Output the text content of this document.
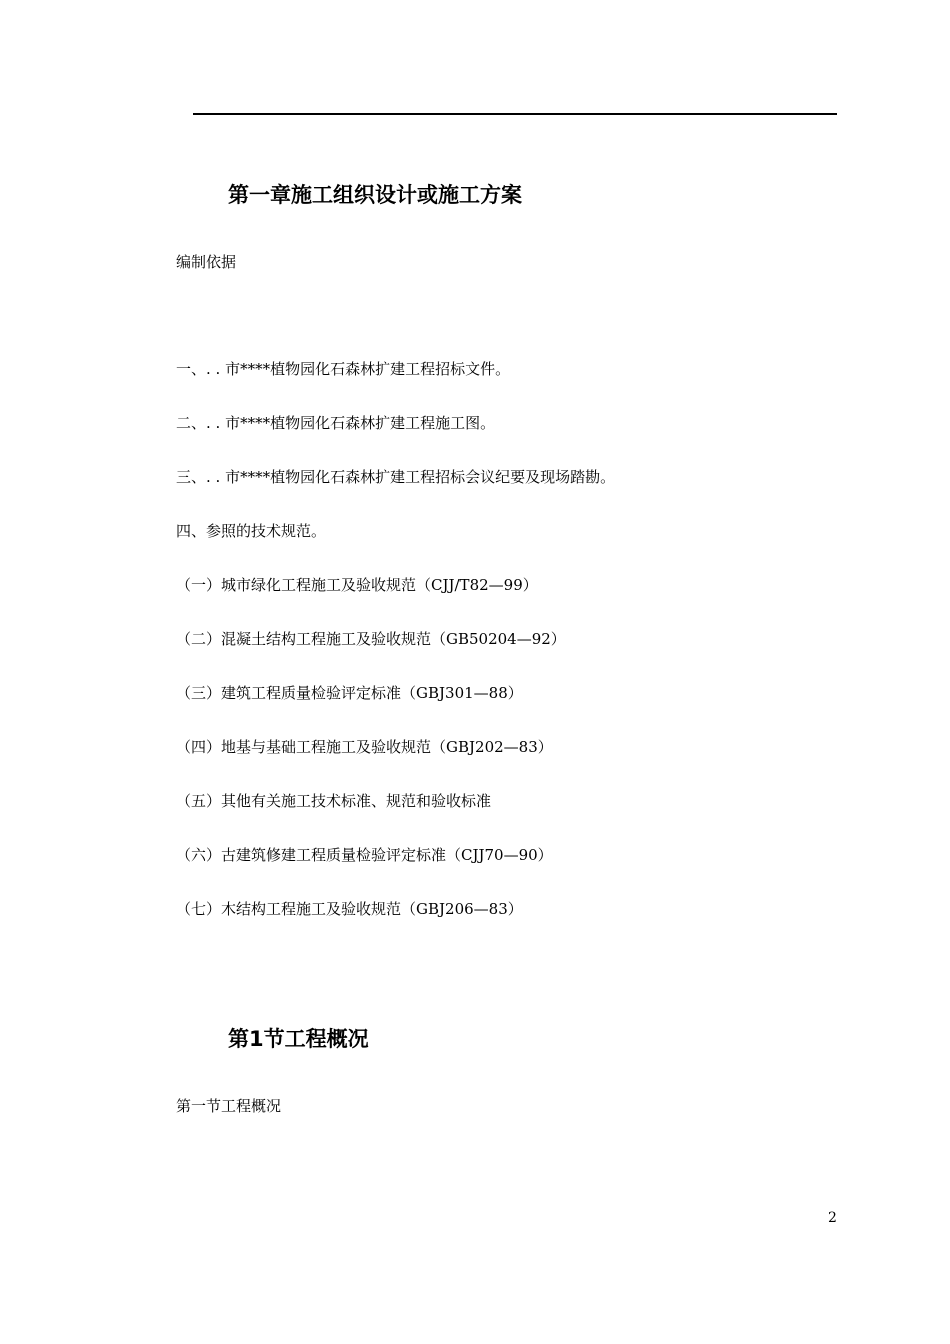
第一章施工组织设计或施工方案
编制依据
一、. . 市****植物园化石森林扩建工程招标文件。
二、. . 市****植物园化石森林扩建工程施工图。
三、. . 市****植物园化石森林扩建工程招标会议纪要及现场踏勘。
四、参照的技术规范。
（一）城市绿化工程施工及验收规范（CJJ/T82—99）
（二）混凝土结构工程施工及验收规范（GB50204—92）
（三）建筑工程质量检验评定标准（GBJ301—88）
（四）地基与基础工程施工及验收规范（GBJ202—83）
（五）其他有关施工技术标准、规范和验收标准
（六）古建筑修建工程质量检验评定标准（CJJ70—90）
（七）木结构工程施工及验收规范（GBJ206—83）
第1节工程概况
第一节工程概况
2
